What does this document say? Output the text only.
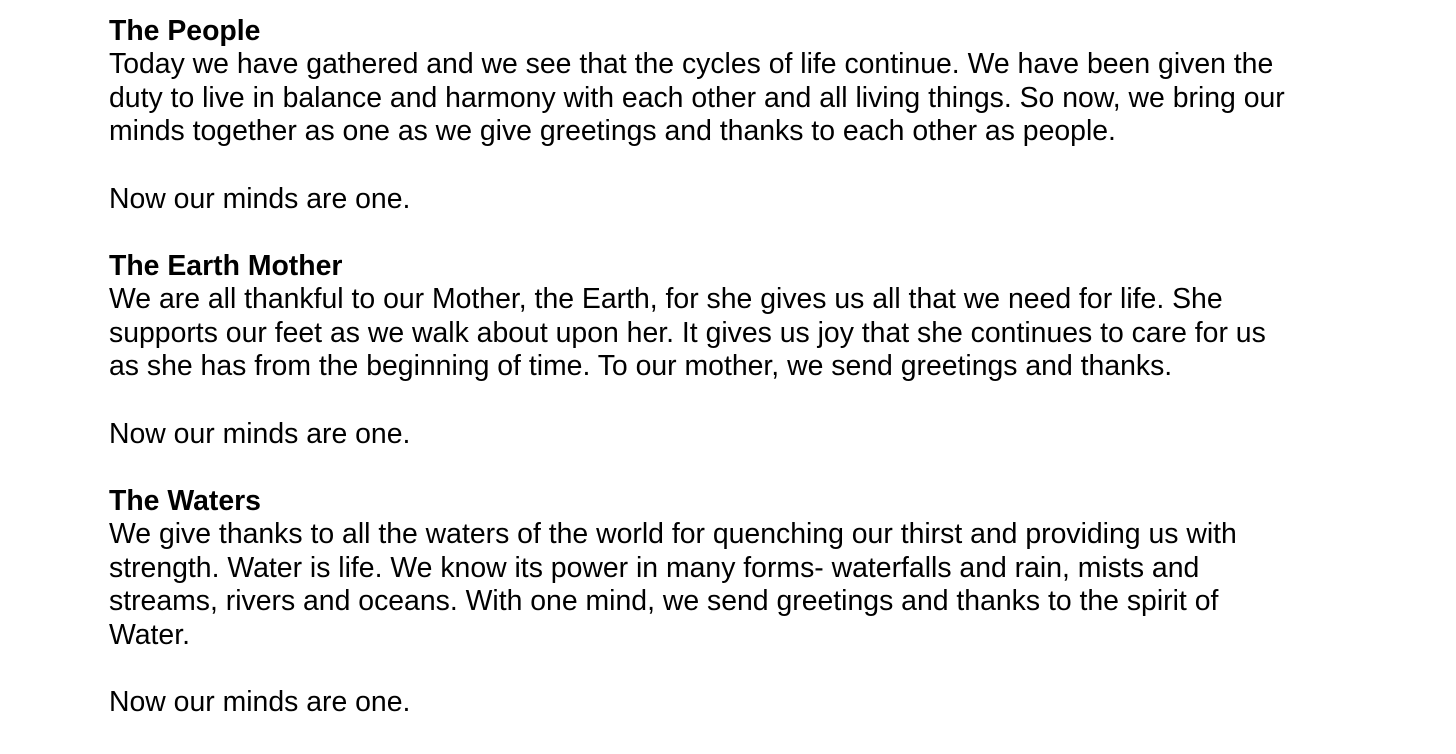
The People
Today we have gathered and we see that the cycles of life continue. We have been given the
duty to live in balance and harmony with each other and all living things. So now, we bring our
minds together as one as we give greetings and thanks to each other as people.
Now our minds are one.
The Earth Mother
We are all thankful to our Mother, the Earth, for she gives us all that we need for life. She
supports our feet as we walk about upon her. It gives us joy that she continues to care for us
as she has from the beginning of time. To our mother, we send greetings and thanks.
Now our minds are one.
The Waters
We give thanks to all the waters of the world for quenching our thirst and providing us with
strength. Water is life. We know its power in many forms- waterfalls and rain, mists and
streams, rivers and oceans. With one mind, we send greetings and thanks to the spirit of
Water.
Now our minds are one.
